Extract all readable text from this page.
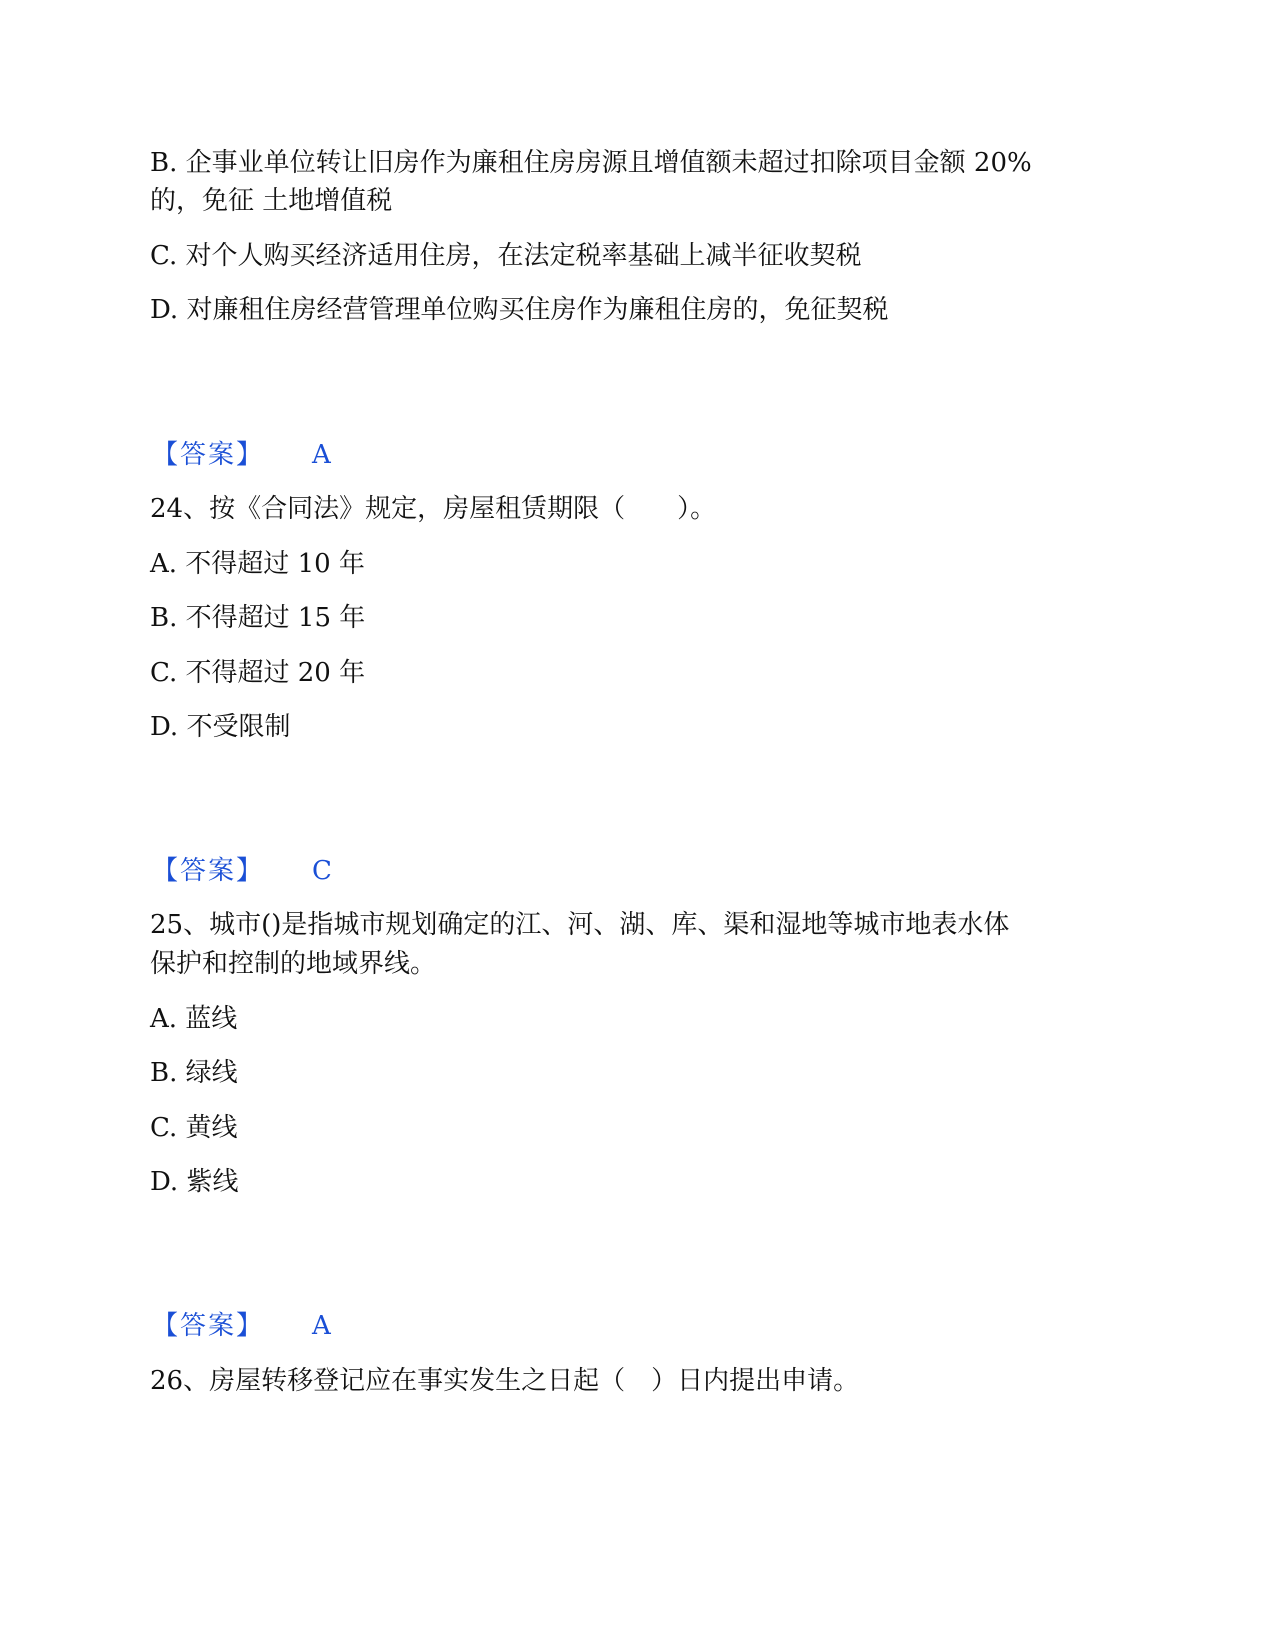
B. 企事业单位转让旧房作为廉租住房房源且增值额未超过扣除项目金额 20%
的，免征 土地增值税
C. 对个人购买经济适用住房，在法定税率基础上减半征收契税
D. 对廉租住房经营管理单位购买住房作为廉租住房的，免征契税
【答案】 A
24、按《合同法》规定，房屋租赁期限（　　）。
A. 不得超过 10 年
B. 不得超过 15 年
C. 不得超过 20 年
D. 不受限制
【答案】 C
25、城市()是指城市规划确定的江、河、湖、库、渠和湿地等城市地表水体
保护和控制的地域界线。
A. 蓝线
B. 绿线
C. 黄线
D. 紫线
【答案】 A
26、房屋转移登记应在事实发生之日起（　）日内提出申请。
